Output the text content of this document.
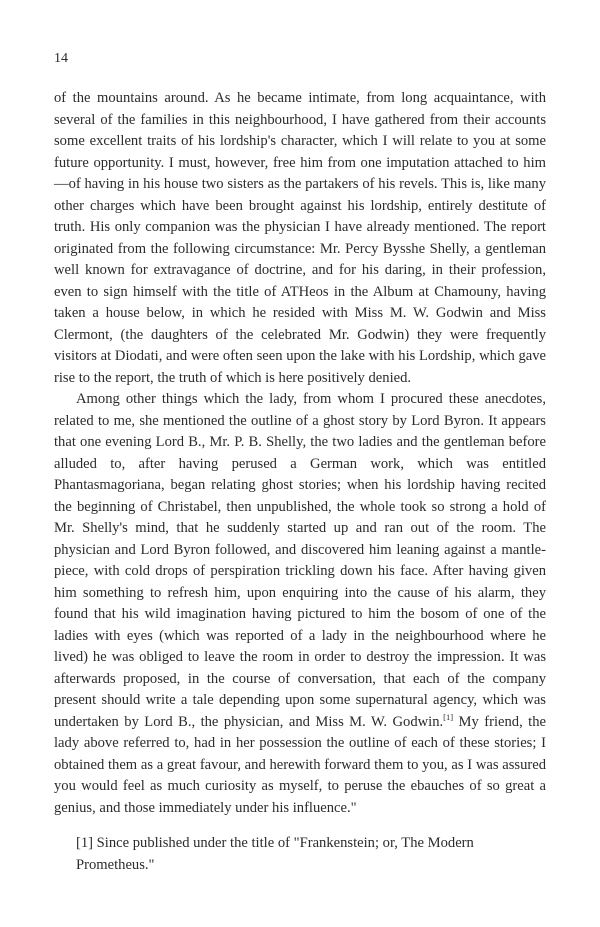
14

of the mountains around. As he became intimate, from long acquaintance, with several of the families in this neighbourhood, I have gathered from their accounts some excellent traits of his lordship's character, which I will relate to you at some future opportunity. I must, however, free him from one imputation attached to him—of having in his house two sisters as the partakers of his revels. This is, like many other charges which have been brought against his lordship, entirely destitute of truth. His only companion was the physician I have already mentioned. The report originated from the following circumstance: Mr. Percy Bysshe Shelly, a gentleman well known for extravagance of doctrine, and for his daring, in their profession, even to sign himself with the title of ATHeos in the Album at Chamouny, having taken a house below, in which he resided with Miss M. W. Godwin and Miss Clermont, (the daughters of the celebrated Mr. Godwin) they were frequently visitors at Diodati, and were often seen upon the lake with his Lordship, which gave rise to the report, the truth of which is here positively denied.

Among other things which the lady, from whom I procured these anecdotes, related to me, she mentioned the outline of a ghost story by Lord Byron. It appears that one evening Lord B., Mr. P. B. Shelly, the two ladies and the gentleman before alluded to, after having perused a German work, which was entitled Phantasmagoriana, began relating ghost stories; when his lordship having recited the beginning of Christabel, then unpublished, the whole took so strong a hold of Mr. Shelly's mind, that he suddenly started up and ran out of the room. The physician and Lord Byron followed, and discovered him leaning against a mantle-piece, with cold drops of perspiration trickling down his face. After having given him something to refresh him, upon enquiring into the cause of his alarm, they found that his wild imagination having pictured to him the bosom of one of the ladies with eyes (which was reported of a lady in the neighbourhood where he lived) he was obliged to leave the room in order to destroy the impression. It was afterwards proposed, in the course of conversation, that each of the company present should write a tale depending upon some supernatural agency, which was undertaken by Lord B., the physician, and Miss M. W. Godwin.[1] My friend, the lady above referred to, had in her possession the outline of each of these stories; I obtained them as a great favour, and herewith forward them to you, as I was assured you would feel as much curiosity as myself, to peruse the ebauches of so great a genius, and those immediately under his influence."

[1] Since published under the title of "Frankenstein; or, The Modern Prometheus."
